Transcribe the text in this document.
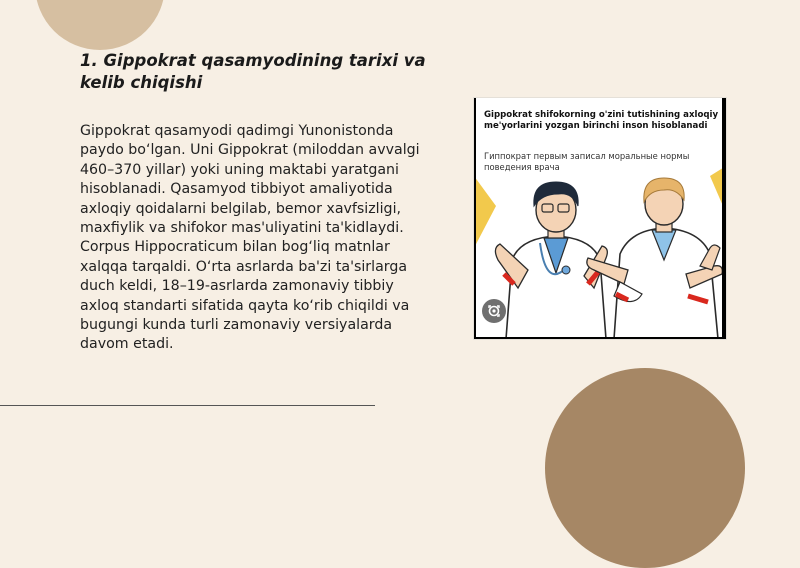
1. Gippokrat qasamyodining tarixi va kelib chiqishi

Gippokrat qasamyodi qadimgi Yunonistonda paydo bo‘lgan. Uni Gippokrat (miloddan avvalgi 460–370 yillar) yoki uning maktabi yaratgani hisoblanadi. Qasamyod tibbiyot amaliyotida axloqiy qoidalarni belgilab, bemor xavfsizligi, maxfiylik va shifokor mas'uliyatini ta'kidlaydi. Corpus Hippocraticum bilan bog‘liq matnlar xalqqa tarqaldi. O‘rta asrlarda ba'zi ta'sirlarga duch keldi, 18–19-asrlarda zamonaviy tibbiy axloq standarti sifatida qayta ko‘rib chiqildi va bugungi kunda turli zamonaviy versiyalarda davom etadi.

Gippokrat shifokorning o'zini tutishining axloqiy me'yorlarini yozgan birinchi inson hisoblanadi
Гиппократ первым записал моральные нормы поведения врача
